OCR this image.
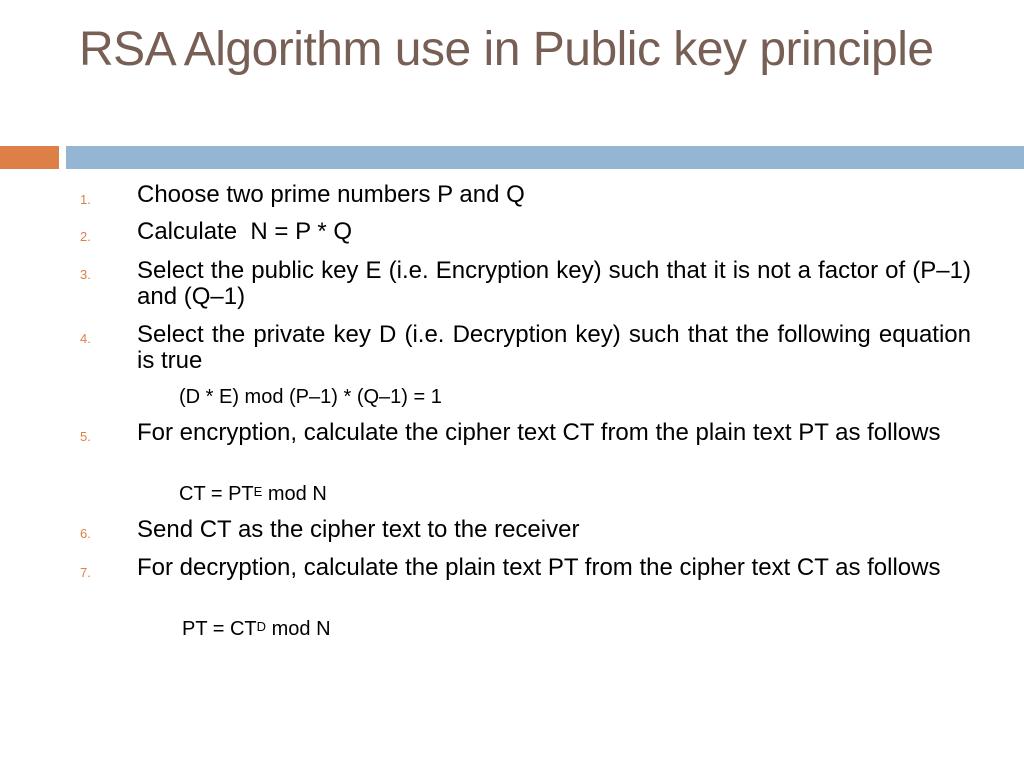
RSA Algorithm use in Public key principle
1. Choose two prime numbers P and Q
2. Calculate  N = P * Q
3. Select the public key E (i.e. Encryption key) such that it is not a factor of (P–1) and (Q–1)
4. Select the private key D (i.e. Decryption key) such that the following equation is true
(D * E) mod (P–1) * (Q–1) = 1
5. For encryption, calculate the cipher text CT from the plain text PT as follows
CT = $PT^E$ mod N
6. Send CT as the cipher text to the receiver
7. For decryption, calculate the plain text PT from the cipher text CT as follows
PT = $CT^D$ mod N
